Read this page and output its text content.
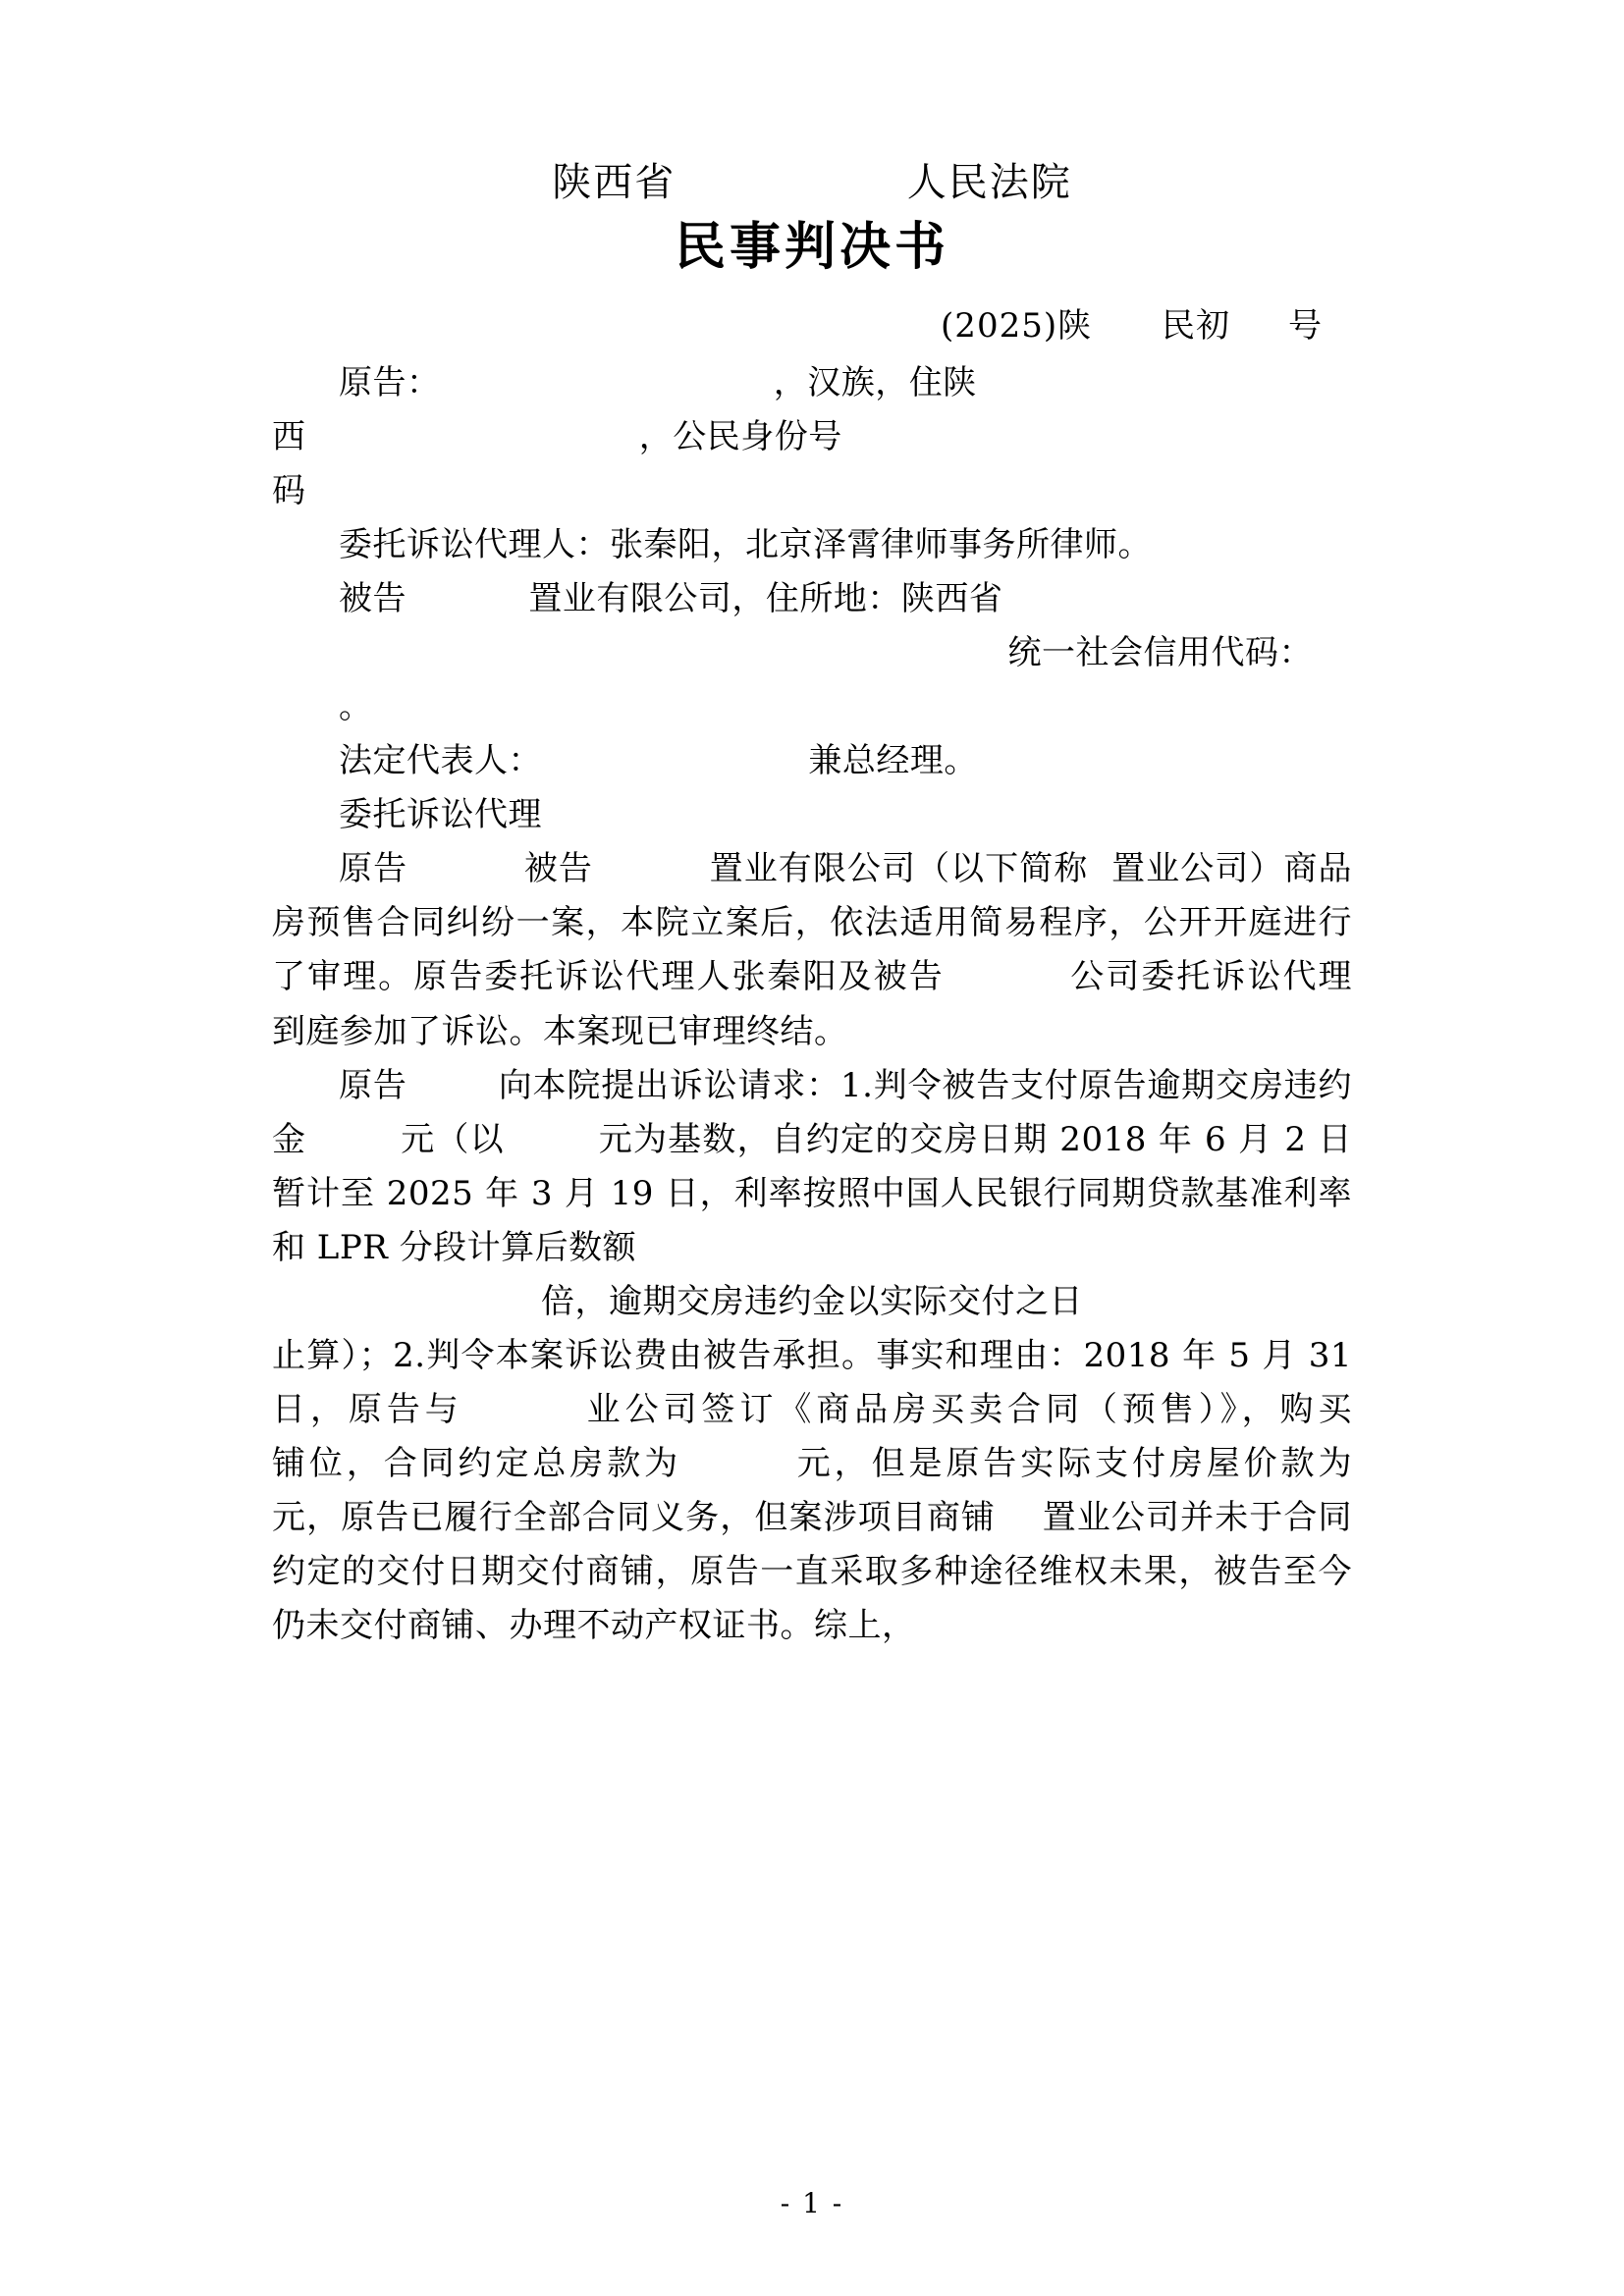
陕西省                人民法院
民事判决书
(2025)陕      民初     号

原告：                              ，汉族，住陕

西                              ，公民身份号

码

委托诉讼代理人：张秦阳，北京泽霄律师事务所律师。

被告           置业有限公司，住所地：陕西省

统一社会信用代码：

。

法定代表人：                        兼总经理。

委托诉讼代理

原告          被告          置业有限公司（以下简称  置业公司）商品房预售合同纠纷一案，本院立案后，依法适用简易程序，公开开庭进行了审理。原告委托诉讼代理人张秦阳及被告          公司委托诉讼代理        到庭参加了诉讼。本案现已审理终结。

原告        向本院提出诉讼请求：1.判令被告支付原告逾期交房违约金        元（以        元为基数，自约定的交房日期 2018 年 6 月 2 日暂计至 2025 年 3 月 19 日，利率按照中国人民银行同期贷款基准利率和 LPR 分段计算后数额

倍，逾期交房违约金以实际交付之日

止算）；2.判令本案诉讼费由被告承担。事实和理由：2018 年 5 月 31 日，原告与        业公司签订《商品房买卖合同（预售）》，购买                铺位，合同约定总房款为        元，但是原告实际支付房屋价款为        元，原告已履行全部合同义务，但案涉项目商铺    置业公司并未于合同约定的交付日期交付商铺，原告一直采取多种途径维权未果，被告至今仍未交付商铺、办理不动产权证书。综上，

- 1 -
